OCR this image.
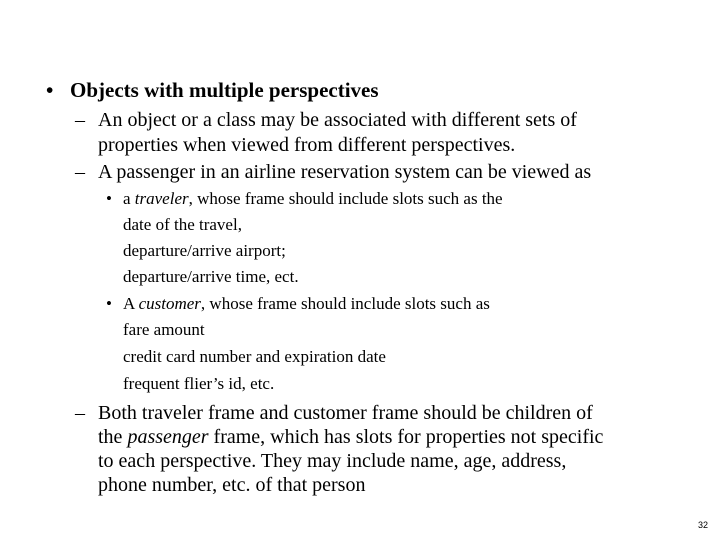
• Objects with multiple perspectives
– An object or a class may be associated with different sets of
properties when viewed from different perspectives.
– A passenger in an airline reservation system can be viewed as
• a traveler, whose frame should include slots such as the
date of the travel,
departure/arrive airport;
departure/arrive time, ect.
• A customer, whose frame should include slots such as
fare amount
credit card number and expiration date
frequent flier’s id, etc.
– Both traveler frame and customer frame should be children of
the passenger frame, which has slots for properties not specific
to each perspective. They may include name, age, address,
phone number, etc. of that person
32
